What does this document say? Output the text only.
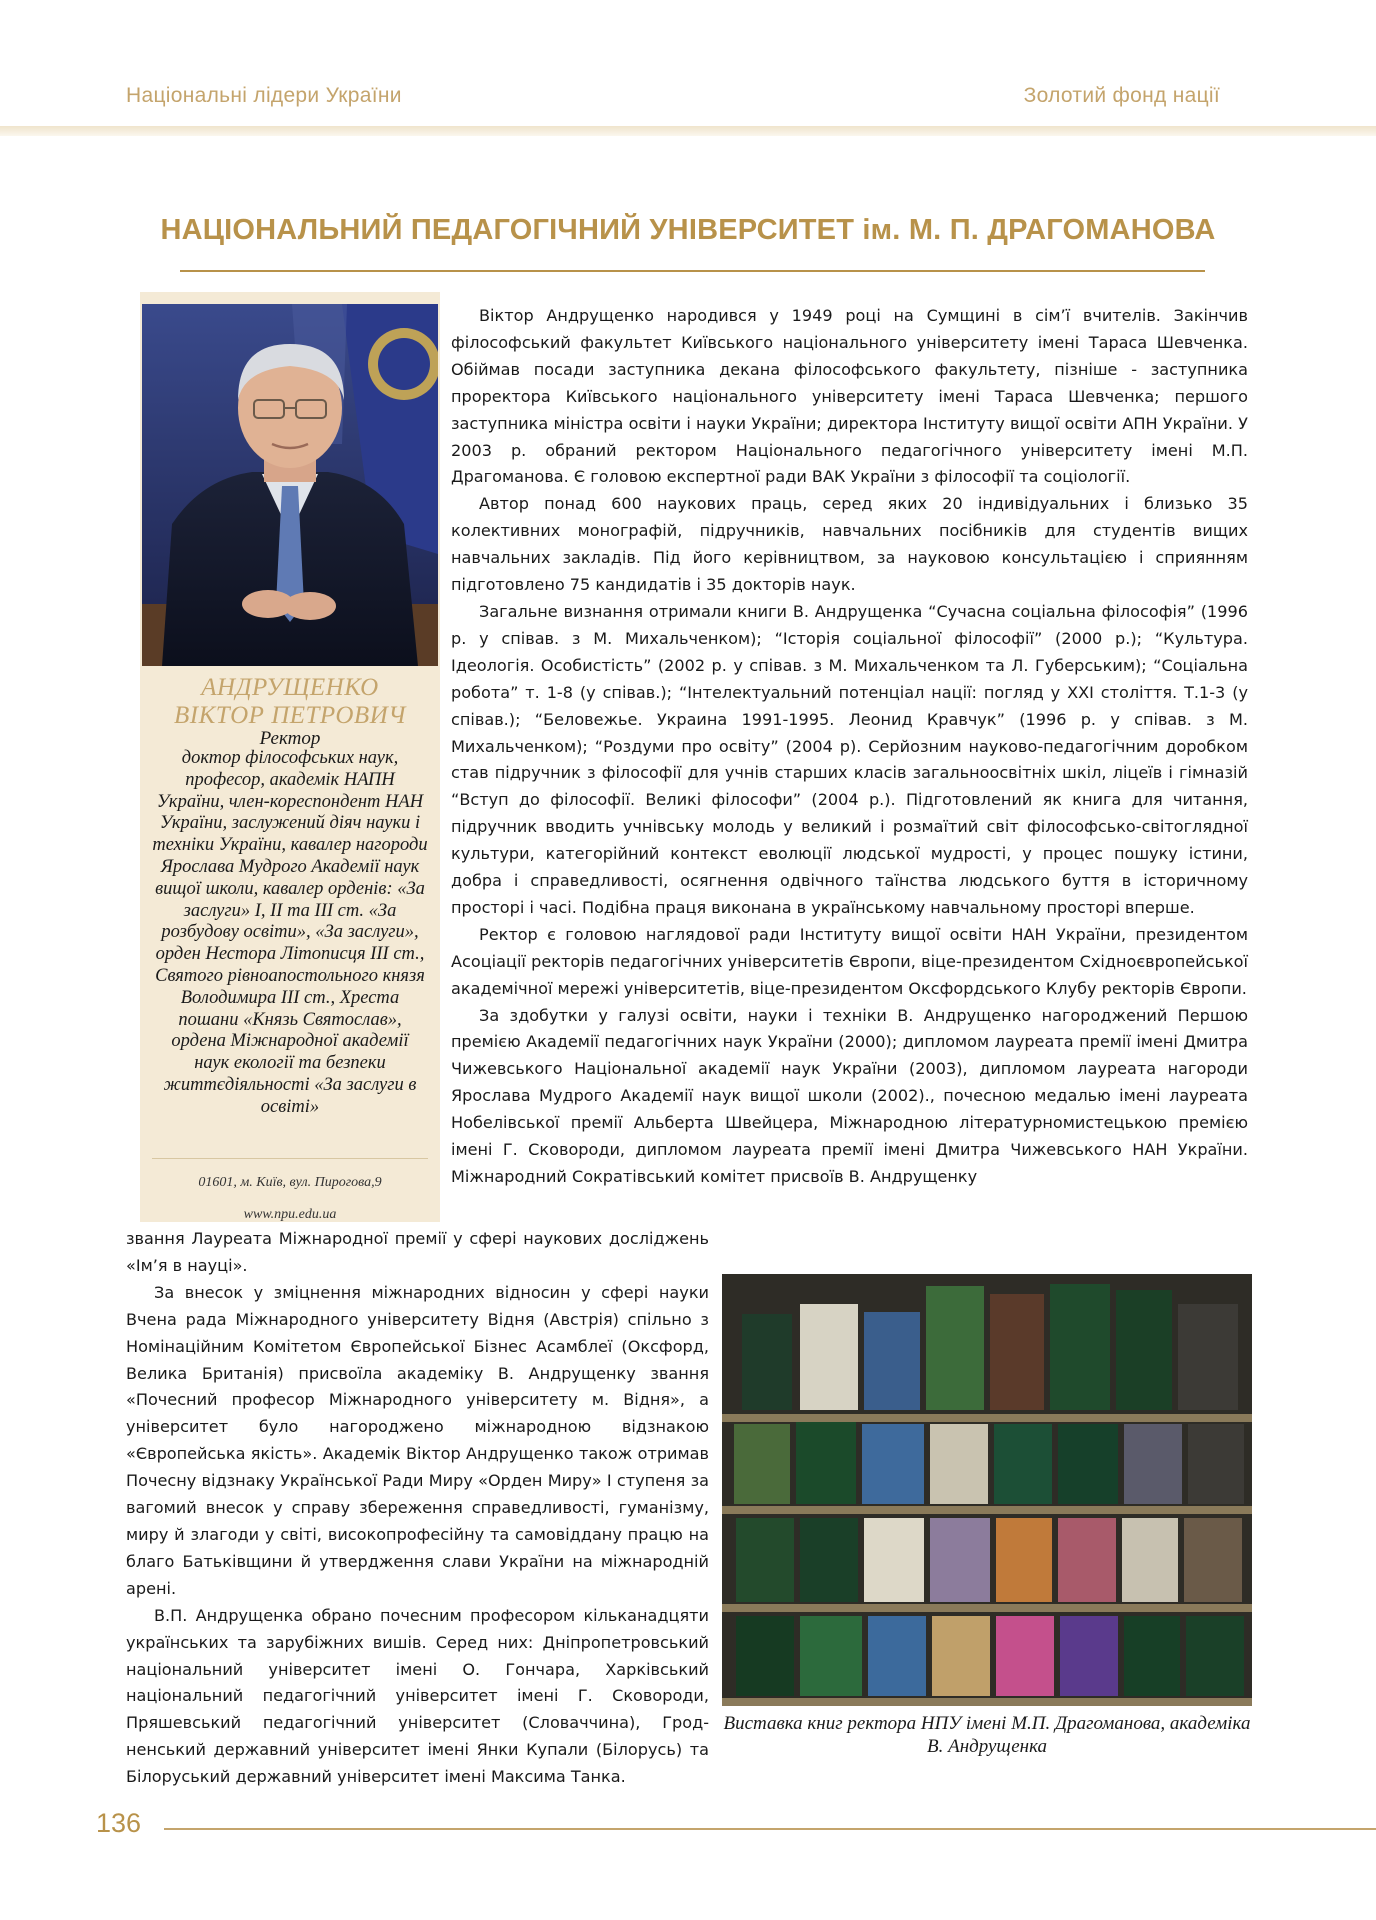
Національні лідери України	Золотий фонд нації
НАЦІОНАЛЬНИЙ ПЕДАГОГІЧНИЙ УНІВЕРСИТЕТ ім. М. П. ДРАГОМАНОВА
АНДРУЩЕНКО
ВІКТОР ПЕТРОВИЧ
Ректор
доктор філософських наук, професор, академік НАПН України, член-кореспондент НАН України, заслужений діяч науки і техніки України, кавалер нагороди Ярослава Мудрого Академії наук вищої школи, кавалер орденів: «За заслуги» І, ІІ та ІІІ ст. «За розбудову освіти», «За заслуги», орден Нестора Літописця ІІІ ст., Святого рівноапостольного князя Володимира ІІІ ст., Хреста пошани «Князь Святослав», ордена Міжнародної академії наук екології та безпеки життєдіяльності «За заслуги в освіті»
01601, м. Київ, вул. Пирогова,9
www.npu.edu.ua

Віктор Андрущенко народився у 1949 році на Сумщині в сім’ї вчителів. Закінчив філософський факультет Київського національного університету імені Тараса Шевченка. Обіймав посади заступника декана філософського факультету, пізніше - заступника проректора Київського національного університету імені Тараса Шевченка; першого заступника міністра освіти і науки України; директора Інституту вищої освіти АПН України. У 2003 р. обраний ректором Національного педагогічного університету імені М.П. Драгоманова. Є головою експертної ради ВАК України з філософії та соціології.

Автор понад 600 наукових праць, серед яких 20 індивідуальних і близько 35 колективних монографій, підручників, навчальних посібників для студентів вищих навчальних закладів. Під його керівництвом, за науковою консультацією і сприянням підготовлено 75 кандидатів і 35 докторів наук.

Загальне визнання отримали книги В. Андрущенка “Сучасна соціальна філософія” (1996 р. у співав. з М. Михальченком); “Історія соціальної філософії” (2000 р.); “Культура. Ідеологія. Особистість” (2002 р. у співав. з М. Михальченком та Л. Губерським); “Соціальна робота” т. 1-8 (у співав.); “Інтелектуальний потенціал нації: погляд у ХХІ століття. Т.1-3 (у співав.); “Беловежье. Украина 1991-1995. Леонид Кравчук” (1996 р. у співав. з М. Михальченком); “Роздуми про освіту” (2004 р). Серйозним науково-педагогічним доробком став підручник з філософії для учнів старших класів загальноосвітніх шкіл, ліцеїв і гімназій “Вступ до філософії. Великі філософи” (2004 р.). Підготовлений як книга для читання, підручник вводить учнівську молодь у великий і розмаїтий світ філософсько-світоглядної культури, категорійний контекст еволюції людської мудрості, у процес пошуку істини, добра і справедливості, осягнення одвічного таїнства людського буття в історичному просторі і часі. Подібна праця виконана в українському навчальному просторі вперше.

Ректор є головою наглядової ради Інституту вищої освіти НАН України, президентом Асоціації ректорів педагогічних університетів Європи, віце-президентом Східноєвропейської академічної мережі університетів, віце-президентом Оксфордського Клубу ректорів Європи.

За здобутки у галузі освіти, науки і техніки В. Андрущенко нагороджений Першою премією Академії педагогічних наук України (2000); дипломом лауреата премії імені Дмитра Чижевського Національної академії наук України (2003), дипломом лауреата нагороди Ярослава Мудрого Академії наук вищої школи (2002)., почесною медалью імені лауреата Нобелівської премії Альберта Швейцера, Міжнародною літературномистецькою премією імені Г. Сковороди, дипломом лауреата премії імені Дмитра Чижевського НАН України. Міжнародний Сократівський комітет присвоїв В. Андрущенку

звання Лауреата Міжнародної премії у сфері наукових досліджень «Ім’я в науці».

За внесок у зміцнення міжнародних відносин у сфері науки Вчена рада Міжнародного університету Відня (Австрія) спільно з Номінаційним Комітетом Європейської Бізнес Асамблеї (Оксфорд, Велика Британія) присвоїла академіку В. Андрущенку звання «Почесний професор Міжнародного університету м. Відня», а університет було нагороджено міжнародною відзнакою «Європейська якість». Академік Віктор Андрущенко також отримав Почесну відзнаку Української Ради Миру «Орден Миру» І ступеня за вагомий внесок у справу збереження справедливості, гуманізму, миру й злагоди у світі, високопрофесійну та самовіддану працю на благо Батьківщини й утвердження слави України на міжнародній арені.

В.П. Андрущенка обрано почесним професором кільканадцяти українських та зарубіжних вишів. Серед них: Дніпропетровський національний університет імені О. Гончара, Харківський національний педагогічний університет імені Г. Сковороди, Пряшевський педагогічний університет (Словаччина), Грод-ненський державний університет імені Янки Купали (Білорусь) та Білоруський державний університет імені Максима Танка.

Виставка книг ректора НПУ імені М.П. Драгоманова, академіка В. Андрущенка
136
